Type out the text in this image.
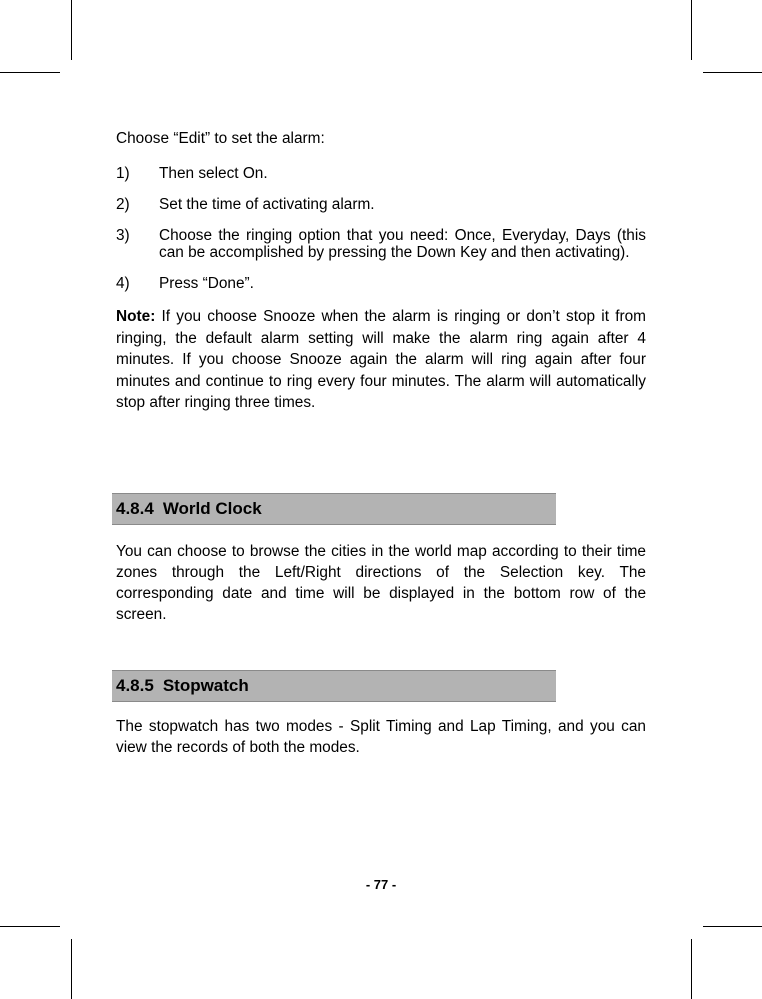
Choose “Edit” to set the alarm:

1)	Then select On.
2)	Set the time of activating alarm.
3)	Choose the ringing option that you need: Once, Everyday, Days (this can be accomplished by pressing the Down Key and then activating).
4)	Press “Done”.

Note: If you choose Snooze when the alarm is ringing or don’t stop it from ringing, the default alarm setting will make the alarm ring again after 4 minutes. If you choose Snooze again the alarm will ring again after four minutes and continue to ring every four minutes. The alarm will automatically stop after ringing three times.

4.8.4 World Clock

You can choose to browse the cities in the world map according to their time zones through the Left/Right directions of the Selection key. The corresponding date and time will be displayed in the bottom row of the screen.

4.8.5 Stopwatch

The stopwatch has two modes - Split Timing and Lap Timing, and you can view the records of both the modes.

- 77 -
